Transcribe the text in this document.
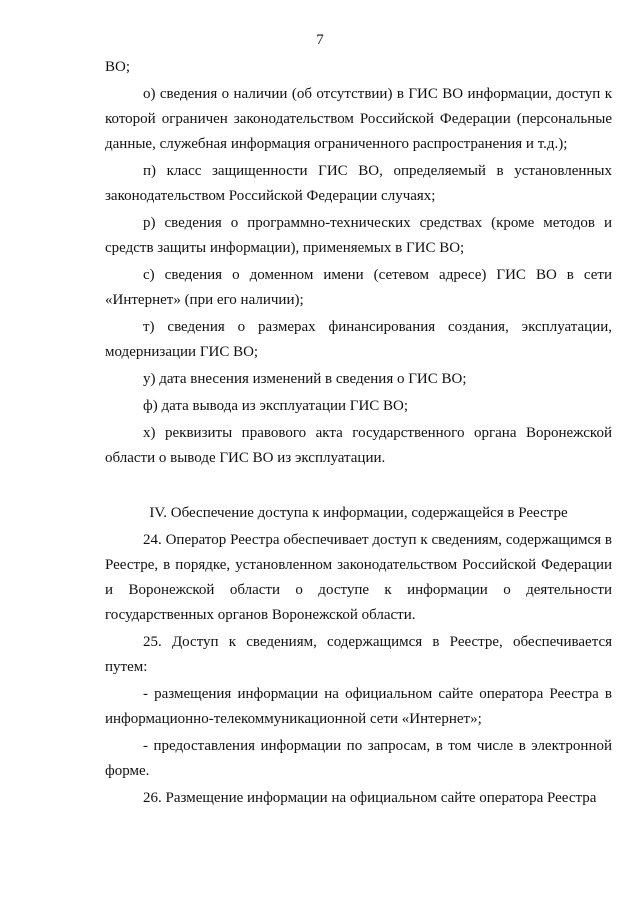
7

ВО;

о) сведения о наличии (об отсутствии) в ГИС ВО информации, доступ к которой ограничен законодательством Российской Федерации (персональные данные, служебная информация ограниченного распространения и т.д.);

п) класс защищенности ГИС ВО, определяемый в установленных законодательством Российской Федерации случаях;

р) сведения о программно-технических средствах (кроме методов и средств защиты информации), применяемых в ГИС ВО;

с) сведения о доменном имени (сетевом адресе) ГИС ВО в сети «Интернет» (при его наличии);

т) сведения о размерах финансирования создания, эксплуатации, модернизации ГИС ВО;

у) дата внесения изменений в сведения о ГИС ВО;

ф) дата вывода из эксплуатации ГИС ВО;

х) реквизиты правового акта государственного органа Воронежской области о выводе ГИС ВО из эксплуатации.

IV. Обеспечение доступа к информации, содержащейся в Реестре

24. Оператор Реестра обеспечивает доступ к сведениям, содержащимся в Реестре, в порядке, установленном законодательством Российской Федерации и Воронежской области о доступе к информации о деятельности государственных органов Воронежской области.

25. Доступ к сведениям, содержащимся в Реестре, обеспечивается путем:

- размещения информации на официальном сайте оператора Реестра в информационно-телекоммуникационной сети «Интернет»;

- предоставления информации по запросам, в том числе в электронной форме.

26. Размещение информации на официальном сайте оператора Реестра
